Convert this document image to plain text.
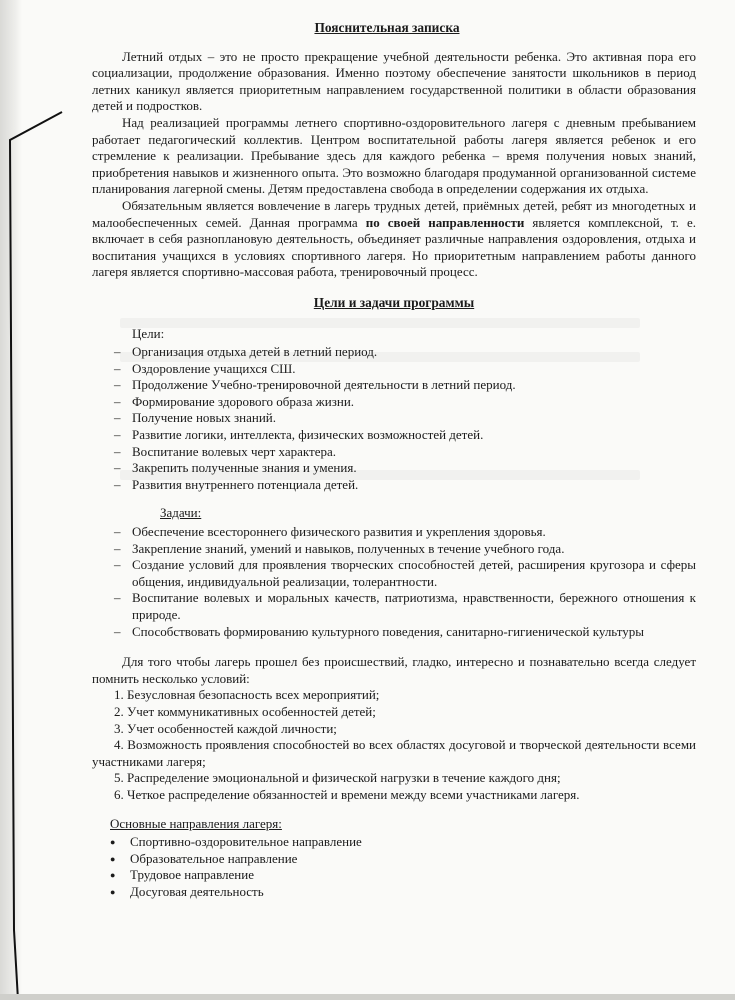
Пояснительная записка

Летний отдых – это не просто прекращение учебной деятельности ребенка. Это активная пора его социализации, продолжение образования. Именно поэтому обеспечение занятости школьников в период летних каникул является приоритетным направлением государственной политики в области образования детей и подростков.

Над реализацией программы летнего спортивно-оздоровительного лагеря с дневным пребыванием работает педагогический коллектив. Центром воспитательной работы лагеря является ребенок и его стремление к реализации. Пребывание здесь для каждого ребенка – время получения новых знаний, приобретения навыков и жизненного опыта. Это возможно благодаря продуманной организованной системе планирования лагерной смены. Детям предоставлена свобода в определении содержания их отдыха.

Обязательным является вовлечение в лагерь трудных детей, приёмных детей, ребят из многодетных и малообеспеченных семей. Данная программа по своей направленности является комплексной, т. е. включает в себя разноплановую деятельность, объединяет различные направления оздоровления, отдыха и воспитания учащихся в условиях спортивного лагеря. Но приоритетным направлением работы данного лагеря является спортивно-массовая работа, тренировочный процесс.

Цели и задачи программы
Цели:
– Организация отдыха детей в летний период.
– Оздоровление учащихся СШ.
– Продолжение Учебно-тренировочной деятельности в летний период.
– Формирование здорового образа жизни.
– Получение новых знаний.
– Развитие логики, интеллекта, физических возможностей детей.
– Воспитание волевых черт характера.
– Закрепить полученные знания и умения.
– Развития внутреннего потенциала детей.
Задачи:
– Обеспечение всестороннего физического развития и укрепления здоровья.
– Закрепление знаний, умений и навыков, полученных в течение учебного года.
– Создание условий для проявления творческих способностей детей, расширения кругозора и сферы общения, индивидуальной реализации, толерантности.
– Воспитание волевых и моральных качеств, патриотизма, нравственности, бережного отношения к природе.
– Способствовать формированию культурного поведения, санитарно-гигиенической культуры

Для того чтобы лагерь прошел без происшествий, гладко, интересно и познавательно всегда следует помнить несколько условий:

1. Безусловная безопасность всех мероприятий;
2. Учет коммуникативных особенностей детей;
3. Учет особенностей каждой личности;
4. Возможность проявления способностей во всех областях досуговой и творческой деятельности всеми участниками лагеря;
5. Распределение эмоциональной и физической нагрузки в течение каждого дня;
6. Четкое распределение обязанностей и времени между всеми участниками лагеря.
Основные направления лагеря:
● Спортивно-оздоровительное направление
● Образовательное направление
● Трудовое направление
● Досуговая деятельность
